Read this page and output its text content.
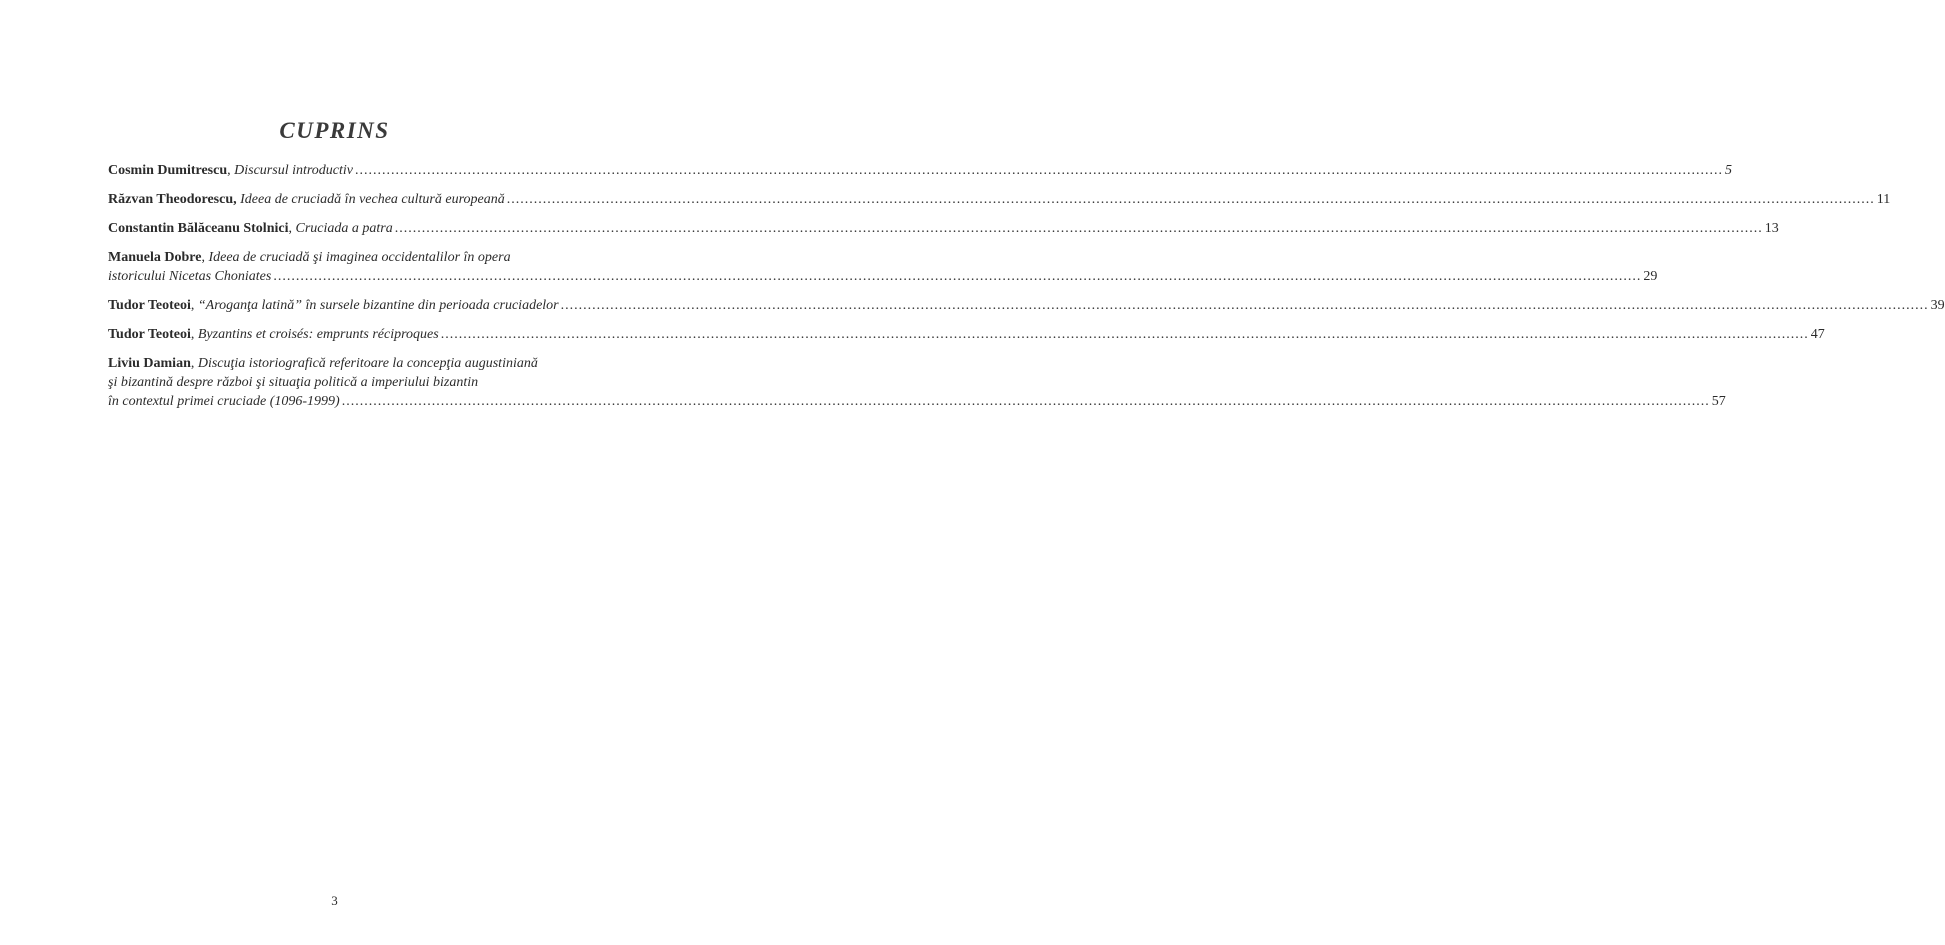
CUPRINS
Cosmin Dumitrescu, Discursul introductiv .....	5
Răzvan Theodorescu, Ideea de cruciadă în vechea cultură europeană .....	11
Constantin Bălăceanu Stolnici, Cruciada a patra .....	13
Manuela Dobre, Ideea de cruciadă şi imaginea occidentalilor în opera
istoricului Nicetas Choniates .....	29
Tudor Teoteoi, “Aroganţa latină” în sursele bizantine din perioada cruciadelor .....	39
Tudor Teoteoi, Byzantins et croisés: emprunts réciproques .....	47
Liviu Damian, Discuţia istoriografică referitoare la concepţia augustiniană
şi bizantină despre război şi situaţia politică a imperiului bizantin
în contextul primei cruciade (1096-1999) .....	57
3
